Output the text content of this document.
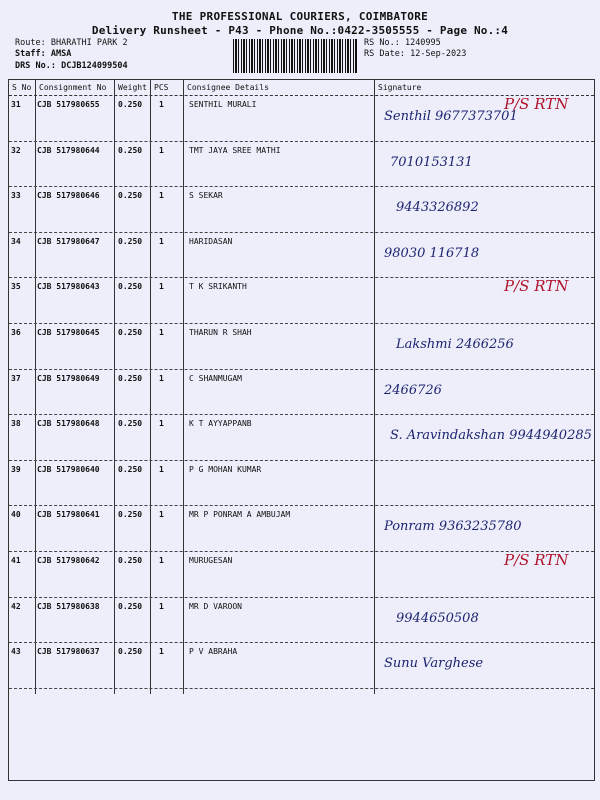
THE PROFESSIONAL COURIERS, COIMBATORE
Delivery Runsheet - P43 - Phone No.:0422-3505555 - Page No.:4
Route: BHARATHI PARK 2
Staff: AMSA
DRS No.: DCJB124099504
RS No.: 1240995
RS Date: 12-Sep-2023
S No Consignment No Weight PCS Consignee Details	Signature
31 CJB 517980655 0.250 1	SENTHIL MURALI
Senthil 9677373701
P/S RTN
32 CJB 517980644 0.250 1	TMT JAYA SREE MATHI
7010153131
33 CJB 517980646 0.250 1	S SEKAR
9443326892
34 CJB 517980647 0.250 1	HARIDASAN
98030 116718
35 CJB 517980643 0.250 1	T K SRIKANTH	P/S RTN
36 CJB 517980645 0.250 1	THARUN R SHAH
Lakshmi 2466256
37 CJB 517980649 0.250 1	C SHANMUGAM
2466726
38 CJB 517980648 0.250 1	K T AYYAPPANB
S. Aravindakshan 9944940285
39 CJB 517980640 0.250 1	P G MOHAN KUMAR
40 CJB 517980641 0.250 1	MR P PONRAM A AMBUJAM
Ponram 9363235780
41 CJB 517980642 0.250 1	MURUGESAN	P/S RTN
42 CJB 517980638 0.250 1	MR D VAROON
9944650508
43 CJB 517980637 0.250 1	P V ABRAHA
Sunu Varghese
